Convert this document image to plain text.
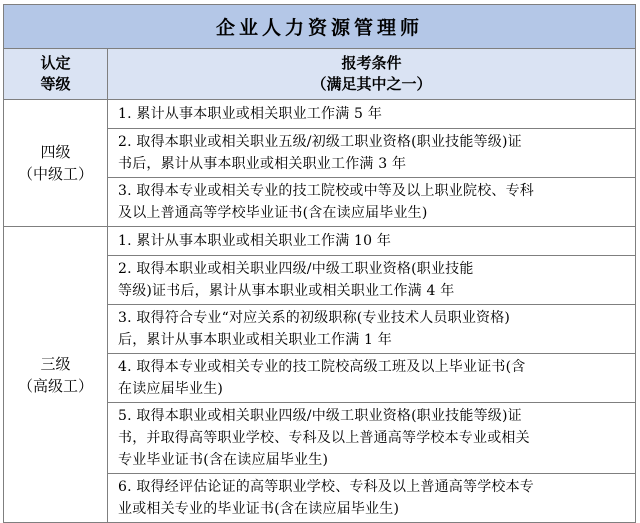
企业人力资源管理师	

认定
等级	报考条件
（满足其中之一）

四级
（中级工）	1. 累计从事本职业或相关职业工作满 5 年

	2. 取得本职业或相关职业五级/初级工职业资格(职业技能等级)证
书后，累计从事本职业或相关职业工作满 3 年

	3. 取得本专业或相关专业的技工院校或中等及以上职业院校、专科
及以上普通高等学校毕业证书(含在读应届毕业生)

三级
（高级工）	1. 累计从事本职业或相关职业工作满 10 年

	2. 取得本职业或相关职业四级/中级工职业资格(职业技能
等级)证书后，累计从事本职业或相关职业工作满 4 年

	3. 取得符合专业“对应关系的初级职称(专业技术人员职业资格)
后，累计从事本职业或相关职业工作满 1 年

	4. 取得本专业或相关专业的技工院校高级工班及以上毕业证书(含
在读应届毕业生)

	5. 取得本职业或相关职业四级/中级工职业资格(职业技能等级)证
书，并取得高等职业学校、专科及以上普通高等学校本专业或相关
专业毕业证书(含在读应届毕业生)

	6. 取得经评估论证的高等职业学校、专科及以上普通高等学校本专
业或相关专业的毕业证书(含在读应届毕业生)
